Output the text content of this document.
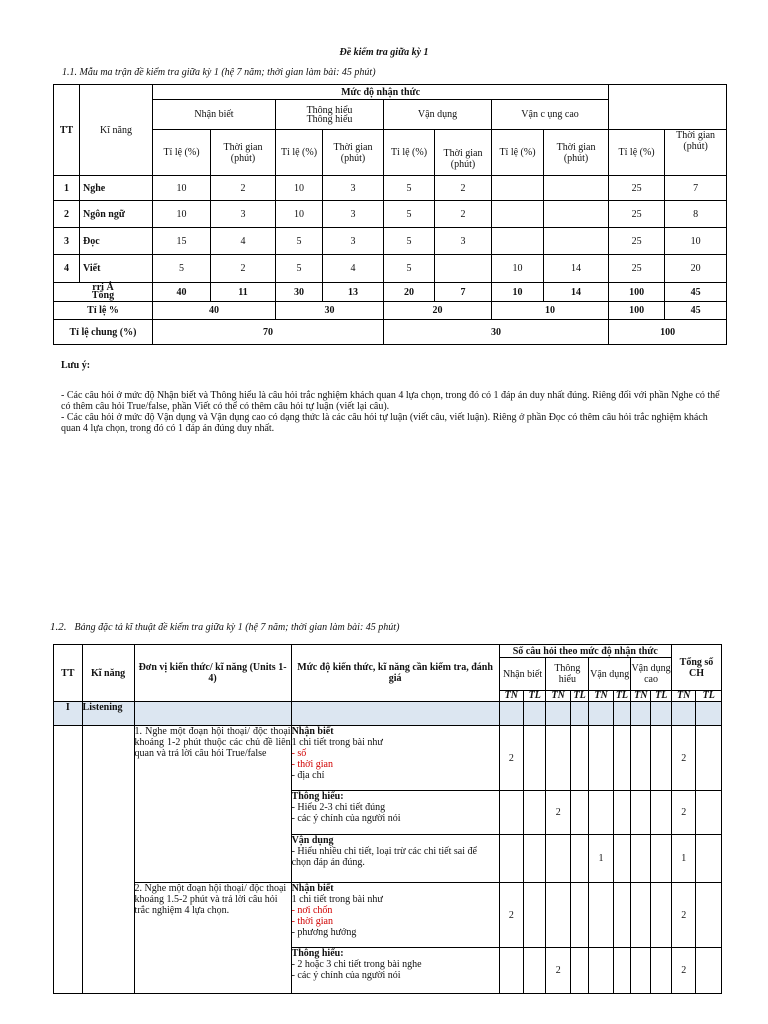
Đề kiểm tra giữa kỳ 1
1.1. Mẫu ma trận đề kiểm tra giữa kỳ 1 (hệ 7 năm; thời gian làm bài: 45 phút)
TT	Kĩ năng	Mức độ nhận thức									
		Nhận biết		Thông hiểu
Thông hiểu		Vận dụng		Vận c ụng cao			
		Tỉ lệ (%)	Thời gian (phút)	Tỉ lệ (%)	Thời gian (phút)	Tỉ lệ (%)	Thời gian (phút)	Tỉ lệ (%)	Thời gian (phút)	Tỉ lệ (%)	Thời gian (phút)
1	Nghe	10	2	10	3	5	2			25	7
2	Ngôn ngữ	10	3	10	3	5	2			25	8
3	Đọc	15	4	5	3	5	3			25	10
4	Viết	5	2	5	4	5		10	14	25	20

rri Ả
Tổng		40	11	30	13	20	7	10	14	100	45
Tỉ lệ %		40		30		20		10		100	45
Tỉ lệ chung (%)		70				30				100	
Lưu ý:
- Các câu hỏi ở mức độ Nhận biết và Thông hiểu là câu hỏi trắc nghiệm khách quan 4 lựa chọn, trong đó có 1 đáp án duy nhất đúng. Riêng đối với phần Nghe có thể có thêm câu hỏi True/false, phần Viết có thể có thêm câu hỏi tự luận (viết lại câu).
- Các câu hỏi ở mức độ Vận dụng và Vận dụng cao có dạng thức là các câu hỏi tự luận (viết câu, viết luận). Riêng ở phần Đọc có thêm câu hỏi trắc nghiệm khách quan 4 lựa chọn, trong đó có 1 đáp án đúng duy nhất.
1.2. Bảng đặc tả kĩ thuật đề kiểm tra giữa kỳ 1 (hệ 7 năm; thời gian làm bài: 45 phút)
TT	Kĩ năng	Đơn vị kiến thức/ kĩ năng (Units 1-4)	Mức độ kiến thức, kĩ năng cần kiểm tra, đánh giá	Số câu hỏi theo mức độ nhận thức								Tổng số CH	
				Nhận biết		Thông hiểu		Vận dụng		Vận dụng cao			
				TN	TL	TN	TL	TN	TL	TN	TL	TN	TL
I	Listening												
		1. Nghe một đoạn hội thoại/ độc thoại khoảng 1-2 phút thuộc các chủ đề liên quan và trả lời câu hỏi True/false	Nhận biết
1 chi tiết trong bài như
- số
- thời gian
- địa chỉ	2								2	

			Thông hiểu:
- Hiểu 2-3 chi tiết đúng
- các ý chính của người nói			2						2	

			Vận dụng
- Hiểu nhiều chi tiết, loại trừ các chi tiết sai để chọn đáp án đúng.					1				1	
		2. Nghe một đoạn hội thoại/ độc thoại khoảng 1.5-2 phút và trả lời câu hỏi trắc nghiệm 4 lựa chọn.	Nhận biết
1 chi tiết trong bài như
- nơi chốn
- thời gian
- phương hướng	2								2	

			Thông hiểu:
- 2 hoặc 3 chi tiết trong bài nghe
- các ý chính của người nói			2						2	
